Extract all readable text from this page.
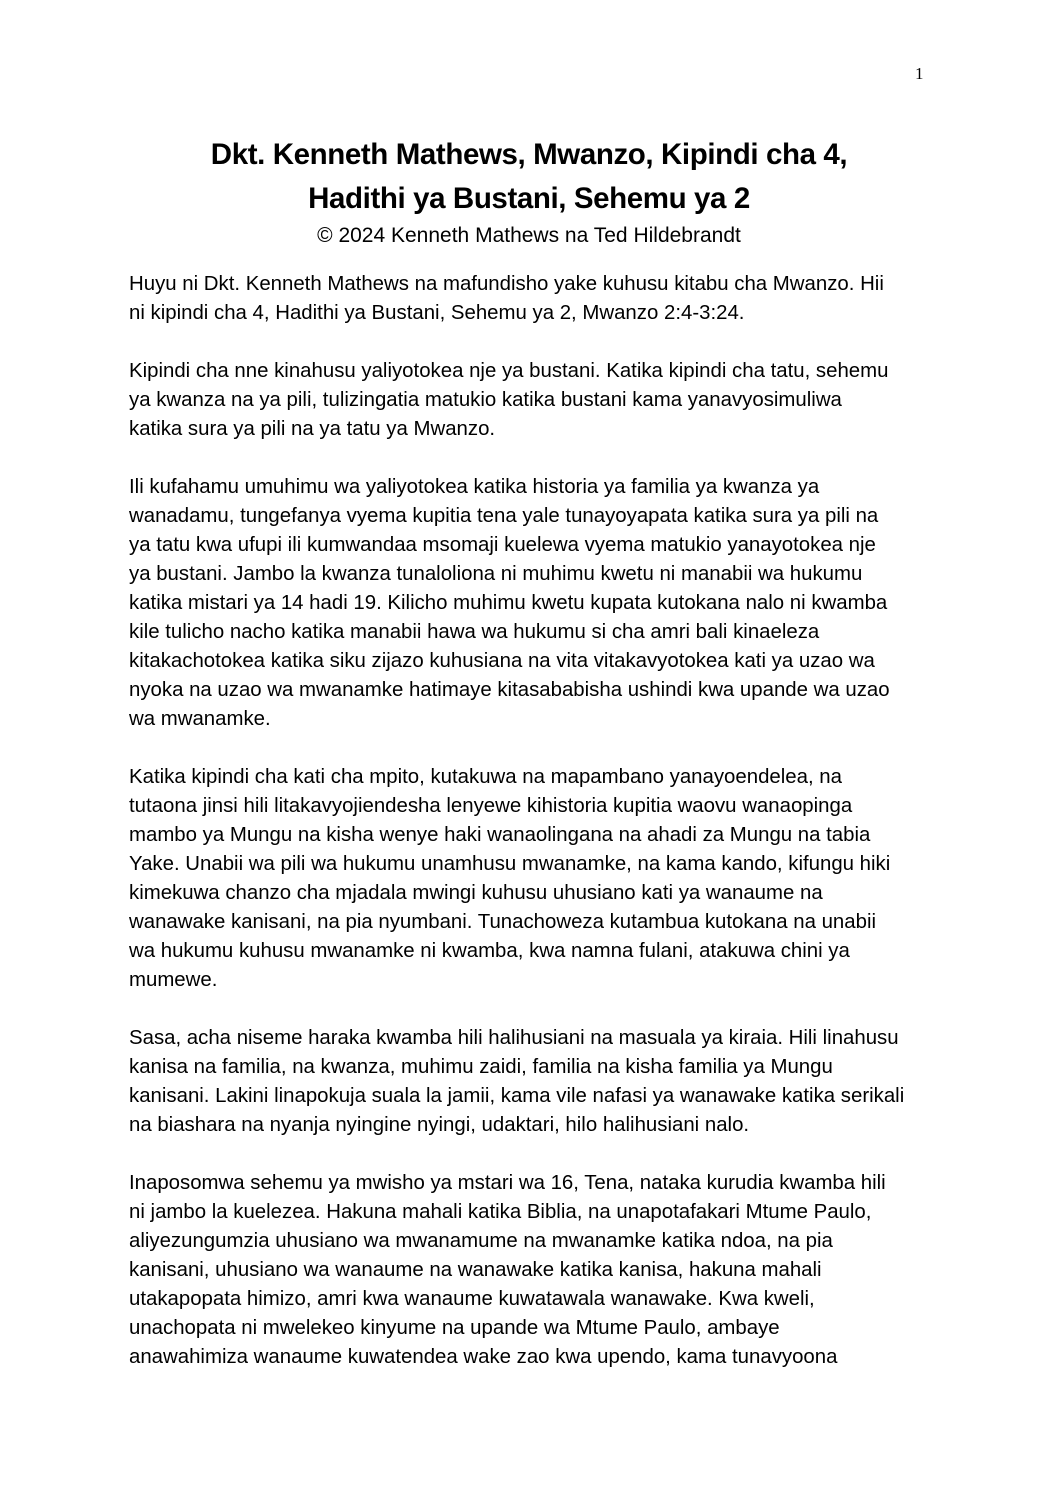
1
Dkt. Kenneth Mathews, Mwanzo, Kipindi cha 4,
Hadithi ya Bustani, Sehemu ya 2
© 2024 Kenneth Mathews na Ted Hildebrandt
Huyu ni Dkt. Kenneth Mathews na mafundisho yake kuhusu kitabu cha Mwanzo. Hii
ni kipindi cha 4, Hadithi ya Bustani, Sehemu ya 2, Mwanzo 2:4-3:24.
Kipindi cha nne kinahusu yaliyotokea nje ya bustani. Katika kipindi cha tatu, sehemu
ya kwanza na ya pili, tulizingatia matukio katika bustani kama yanavyosimuliwa
katika sura ya pili na ya tatu ya Mwanzo.
Ili kufahamu umuhimu wa yaliyotokea katika historia ya familia ya kwanza ya
wanadamu, tungefanya vyema kupitia tena yale tunayoyapata katika sura ya pili na
ya tatu kwa ufupi ili kumwandaa msomaji kuelewa vyema matukio yanayotokea nje
ya bustani. Jambo la kwanza tunaloliona ni muhimu kwetu ni manabii wa hukumu
katika mistari ya 14 hadi 19. Kilicho muhimu kwetu kupata kutokana nalo ni kwamba
kile tulicho nacho katika manabii hawa wa hukumu si cha amri bali kinaeleza
kitakachotokea katika siku zijazo kuhusiana na vita vitakavyotokea kati ya uzao wa
nyoka na uzao wa mwanamke hatimaye kitasababisha ushindi kwa upande wa uzao
wa mwanamke.
Katika kipindi cha kati cha mpito, kutakuwa na mapambano yanayoendelea, na
tutaona jinsi hili litakavyojiendesha lenyewe kihistoria kupitia waovu wanaopinga
mambo ya Mungu na kisha wenye haki wanaolingana na ahadi za Mungu na tabia
Yake. Unabii wa pili wa hukumu unamhusu mwanamke, na kama kando, kifungu hiki
kimekuwa chanzo cha mjadala mwingi kuhusu uhusiano kati ya wanaume na
wanawake kanisani, na pia nyumbani. Tunachoweza kutambua kutokana na unabii
wa hukumu kuhusu mwanamke ni kwamba, kwa namna fulani, atakuwa chini ya
mumewe.
Sasa, acha niseme haraka kwamba hili halihusiani na masuala ya kiraia. Hili linahusu
kanisa na familia, na kwanza, muhimu zaidi, familia na kisha familia ya Mungu
kanisani. Lakini linapokuja suala la jamii, kama vile nafasi ya wanawake katika serikali
na biashara na nyanja nyingine nyingi, udaktari, hilo halihusiani nalo.
Inaposomwa sehemu ya mwisho ya mstari wa 16, Tena, nataka kurudia kwamba hili
ni jambo la kuelezea. Hakuna mahali katika Biblia, na unapotafakari Mtume Paulo,
aliyezungumzia uhusiano wa mwanamume na mwanamke katika ndoa, na pia
kanisani, uhusiano wa wanaume na wanawake katika kanisa, hakuna mahali
utakapopata himizo, amri kwa wanaume kuwatawala wanawake. Kwa kweli,
unachopata ni mwelekeo kinyume na upande wa Mtume Paulo, ambaye
anawahimiza wanaume kuwatendea wake zao kwa upendo, kama tunavyoona
